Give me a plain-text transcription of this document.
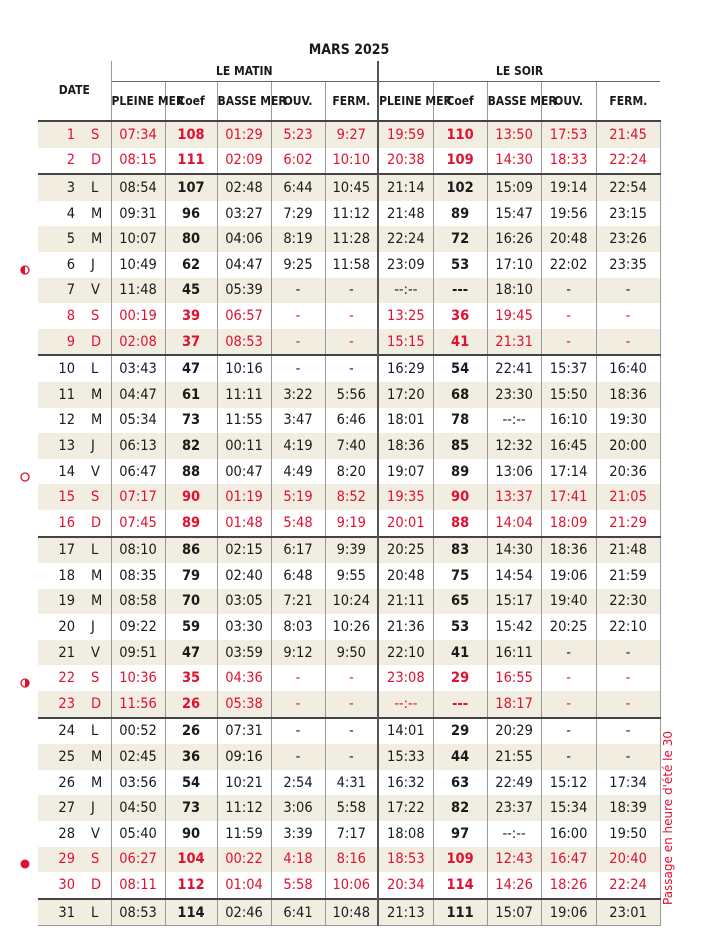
MARS 2025
DATE		LE MATIN					LE SOIR				
		PLEINE MER	Coef	BASSE MER	OUV.	FERM.	PLEINE MER	Coef	BASSE MER	OUV.	FERM.
1	S	07:34	108	01:29	5:23	9:27	19:59	110	13:50	17:53	21:45
2	D	08:15	111	02:09	6:02	10:10	20:38	109	14:30	18:33	22:24
3	L	08:54	107	02:48	6:44	10:45	21:14	102	15:09	19:14	22:54
4	M	09:31	96	03:27	7:29	11:12	21:48	89	15:47	19:56	23:15
5	M	10:07	80	04:06	8:19	11:28	22:24	72	16:26	20:48	23:26
6	J	10:49	62	04:47	9:25	11:58	23:09	53	17:10	22:02	23:35
7	V	11:48	45	05:39	-	-	--:--	---	18:10	-	-
8	S	00:19	39	06:57	-	-	13:25	36	19:45	-	-
9	D	02:08	37	08:53	-	-	15:15	41	21:31	-	-
10	L	03:43	47	10:16	-	-	16:29	54	22:41	15:37	16:40
11	M	04:47	61	11:11	3:22	5:56	17:20	68	23:30	15:50	18:36
12	M	05:34	73	11:55	3:47	6:46	18:01	78	--:--	16:10	19:30
13	J	06:13	82	00:11	4:19	7:40	18:36	85	12:32	16:45	20:00
14	V	06:47	88	00:47	4:49	8:20	19:07	89	13:06	17:14	20:36
15	S	07:17	90	01:19	5:19	8:52	19:35	90	13:37	17:41	21:05
16	D	07:45	89	01:48	5:48	9:19	20:01	88	14:04	18:09	21:29
17	L	08:10	86	02:15	6:17	9:39	20:25	83	14:30	18:36	21:48
18	M	08:35	79	02:40	6:48	9:55	20:48	75	14:54	19:06	21:59
19	M	08:58	70	03:05	7:21	10:24	21:11	65	15:17	19:40	22:30
20	J	09:22	59	03:30	8:03	10:26	21:36	53	15:42	20:25	22:10
21	V	09:51	47	03:59	9:12	9:50	22:10	41	16:11	-	-
22	S	10:36	35	04:36	-	-	23:08	29	16:55	-	-
23	D	11:56	26	05:38	-	-	--:--	---	18:17	-	-
24	L	00:52	26	07:31	-	-	14:01	29	20:29	-	-
25	M	02:45	36	09:16	-	-	15:33	44	21:55	-	-
26	M	03:56	54	10:21	2:54	4:31	16:32	63	22:49	15:12	17:34
27	J	04:50	73	11:12	3:06	5:58	17:22	82	23:37	15:34	18:39
28	V	05:40	90	11:59	3:39	7:17	18:08	97	--:--	16:00	19:50
29	S	06:27	104	00:22	4:18	8:16	18:53	109	12:43	16:47	20:40
30	D	08:11	112	01:04	5:58	10:06	20:34	114	14:26	18:26	22:24
31	L	08:53	114	02:46	6:41	10:48	21:13	111	15:07	19:06	23:01
Passage en heure d'été le 30
